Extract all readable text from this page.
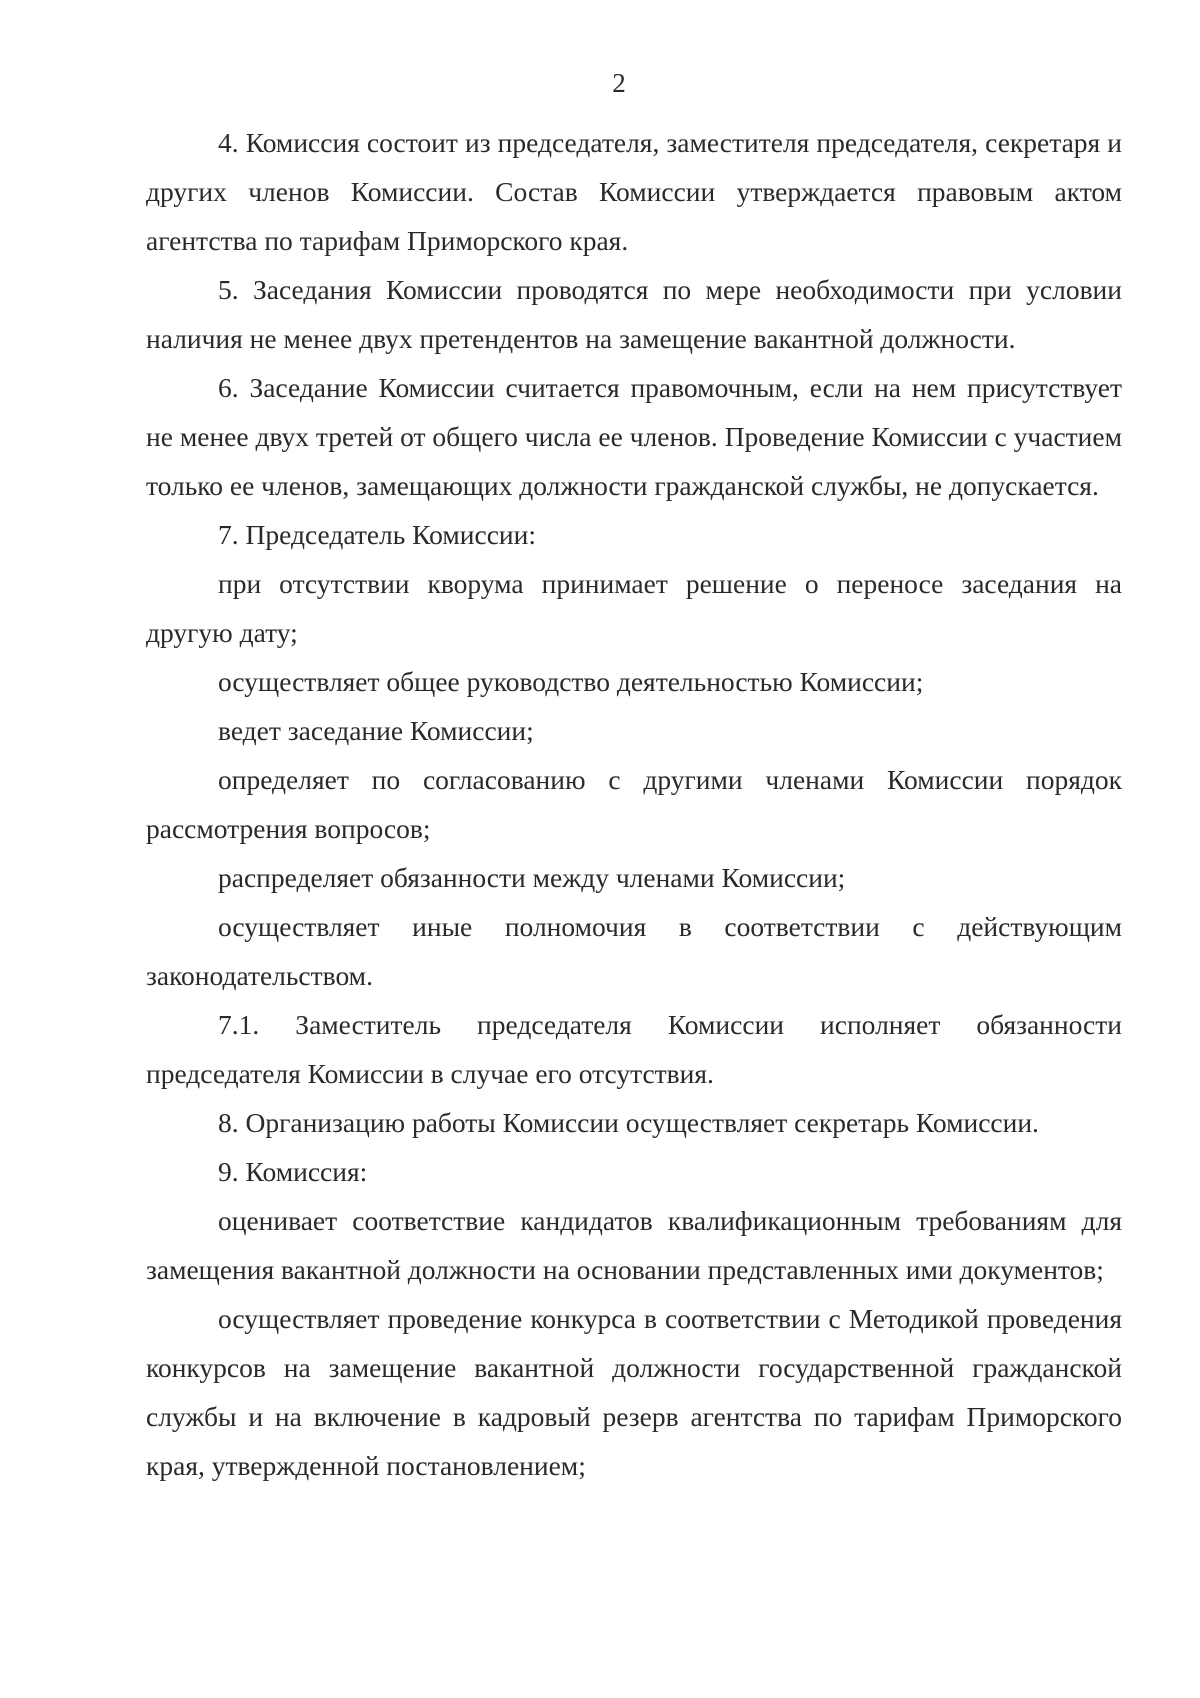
2

4. Комиссия состоит из председателя, заместителя председателя, секретаря и других членов Комиссии. Состав Комиссии утверждается правовым актом агентства по тарифам Приморского края.

5. Заседания Комиссии проводятся по мере необходимости при условии наличия не менее двух претендентов на замещение вакантной должности.

6. Заседание Комиссии считается правомочным, если на нем присутствует не менее двух третей от общего числа ее членов. Проведение Комиссии с участием только ее членов, замещающих должности гражданской службы, не допускается.

7. Председатель Комиссии:

при отсутствии кворума принимает решение о переносе заседания на другую дату;

осуществляет общее руководство деятельностью Комиссии;

ведет заседание Комиссии;

определяет по согласованию с другими членами Комиссии порядок рассмотрения вопросов;

распределяет обязанности между членами Комиссии;

осуществляет иные полномочия в соответствии с действующим законодательством.

7.1. Заместитель председателя Комиссии исполняет обязанности председателя Комиссии в случае его отсутствия.

8. Организацию работы Комиссии осуществляет секретарь Комиссии.

9. Комиссия:

оценивает соответствие кандидатов квалификационным требованиям для замещения вакантной должности на основании представленных ими документов;

осуществляет проведение конкурса в соответствии с Методикой проведения конкурсов на замещение вакантной должности государственной гражданской службы и на включение в кадровый резерв агентства по тарифам Приморского края, утвержденной постановлением;
